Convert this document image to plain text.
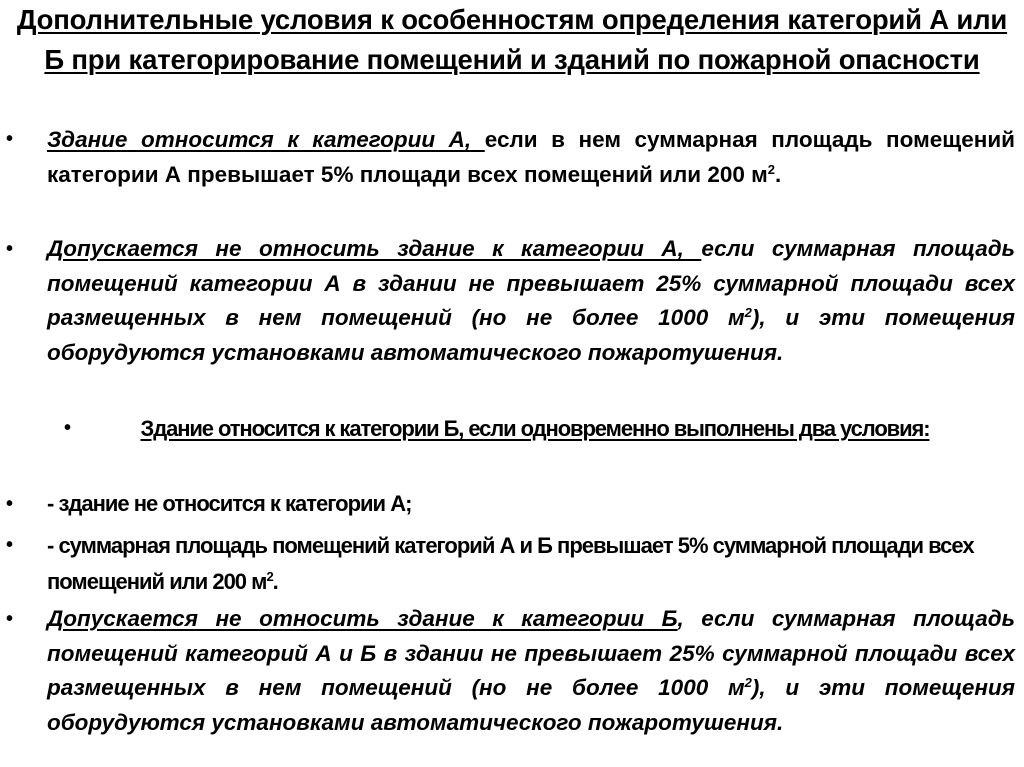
Дополнительные условия к особенностям определения категорий А или Б при категорирование помещений и зданий по пожарной опасности
• Здание относится к категории А, если в нем суммарная площадь помещений категории А превышает 5% площади всех помещений или 200 $м^2$.
• Допускается не относить здание к категории А, если суммарная площадь помещений категории А в здании не превышает 25% суммарной площади всех размещенных в нем помещений (но не более 1000 $м^2$), и эти помещения оборудуются установками автоматического пожаротушения.
•	Здание относится к категории Б, если одновременно выполнены два условия:
• - здание не относится к категории А;
• - суммарная площадь помещений категорий А и Б превышает 5% суммарной площади всех помещений или 200 $м^2$.
• Допускается не относить здание к категории Б, если суммарная площадь помещений категорий А и Б в здании не превышает 25% суммарной площади всех размещенных в нем помещений (но не более 1000 $м^2$), и эти помещения оборудуются установками автоматического пожаротушения.
